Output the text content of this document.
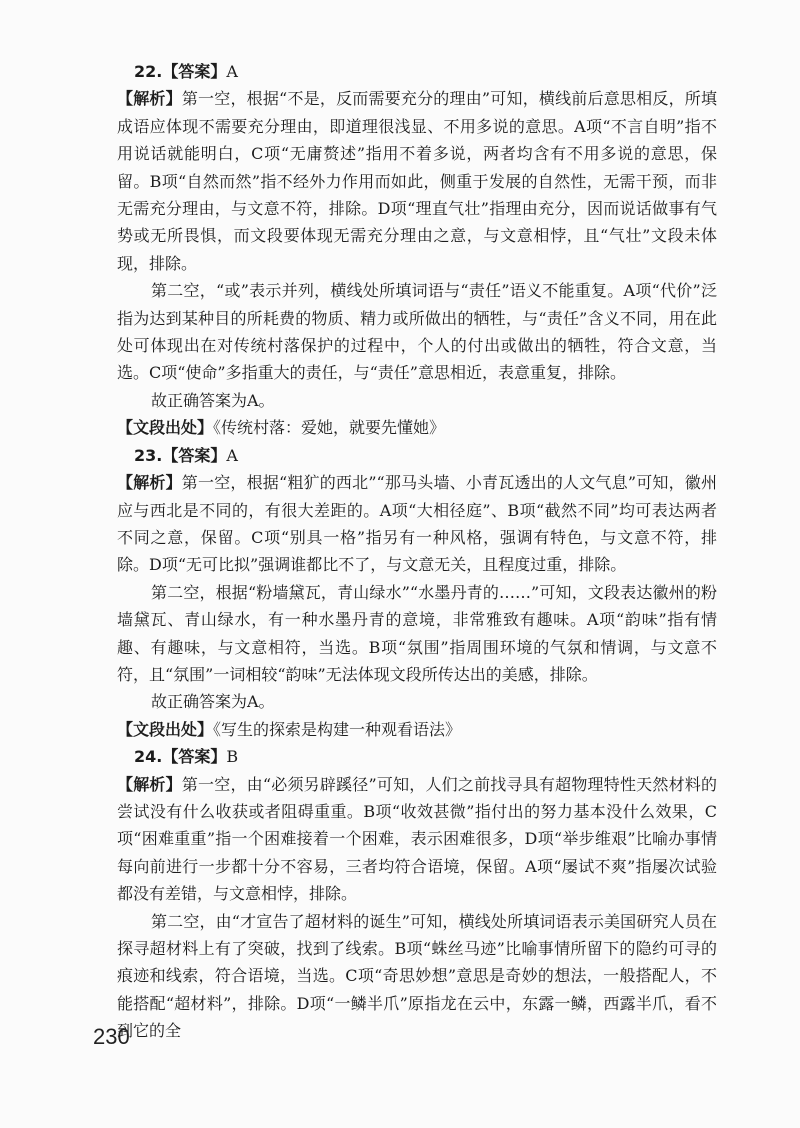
22.【答案】A

【解析】第一空，根据“不是，反而需要充分的理由”可知，横线前后意思相反，所填成语应体现不需要充分理由，即道理很浅显、不用多说的意思。A项“不言自明”指不用说话就能明白，C项“无庸赘述”指用不着多说，两者均含有不用多说的意思，保留。B项“自然而然”指不经外力作用而如此，侧重于发展的自然性，无需干预，而非无需充分理由，与文意不符，排除。D项“理直气壮”指理由充分，因而说话做事有气势或无所畏惧，而文段要体现无需充分理由之意，与文意相悖，且“气壮”文段未体现，排除。

第二空，“或”表示并列，横线处所填词语与“责任”语义不能重复。A项“代价”泛指为达到某种目的所耗费的物质、精力或所做出的牺牲，与“责任”含义不同，用在此处可体现出在对传统村落保护的过程中，个人的付出或做出的牺牲，符合文意，当选。C项“使命”多指重大的责任，与“责任”意思相近，表意重复，排除。

故正确答案为A。

【文段出处】《传统村落：爱她，就要先懂她》

23.【答案】A

【解析】第一空，根据“粗犷的西北”“那马头墙、小青瓦透出的人文气息”可知，徽州应与西北是不同的，有很大差距的。A项“大相径庭”、B项“截然不同”均可表达两者不同之意，保留。C项“别具一格”指另有一种风格，强调有特色，与文意不符，排除。D项“无可比拟”强调谁都比不了，与文意无关，且程度过重，排除。

第二空，根据“粉墙黛瓦，青山绿水”“水墨丹青的……”可知，文段表达徽州的粉墙黛瓦、青山绿水，有一种水墨丹青的意境，非常雅致有趣味。A项“韵味”指有情趣、有趣味，与文意相符，当选。B项“氛围”指周围环境的气氛和情调，与文意不符，且“氛围”一词相较“韵味”无法体现文段所传达出的美感，排除。

故正确答案为A。

【文段出处】《写生的探索是构建一种观看语法》

24.【答案】B

【解析】第一空，由“必须另辟蹊径”可知，人们之前找寻具有超物理特性天然材料的尝试没有什么收获或者阻碍重重。B项“收效甚微”指付出的努力基本没什么效果，C项“困难重重”指一个困难接着一个困难，表示困难很多，D项“举步维艰”比喻办事情每向前进行一步都十分不容易，三者均符合语境，保留。A项“屡试不爽”指屡次试验都没有差错，与文意相悖，排除。

第二空，由“才宣告了超材料的诞生”可知，横线处所填词语表示美国研究人员在探寻超材料上有了突破，找到了线索。B项“蛛丝马迹”比喻事情所留下的隐约可寻的痕迹和线索，符合语境，当选。C项“奇思妙想”意思是奇妙的想法，一般搭配人，不能搭配“超材料”，排除。D项“一鳞半爪”原指龙在云中，东露一鳞，西露半爪，看不到它的全

230
